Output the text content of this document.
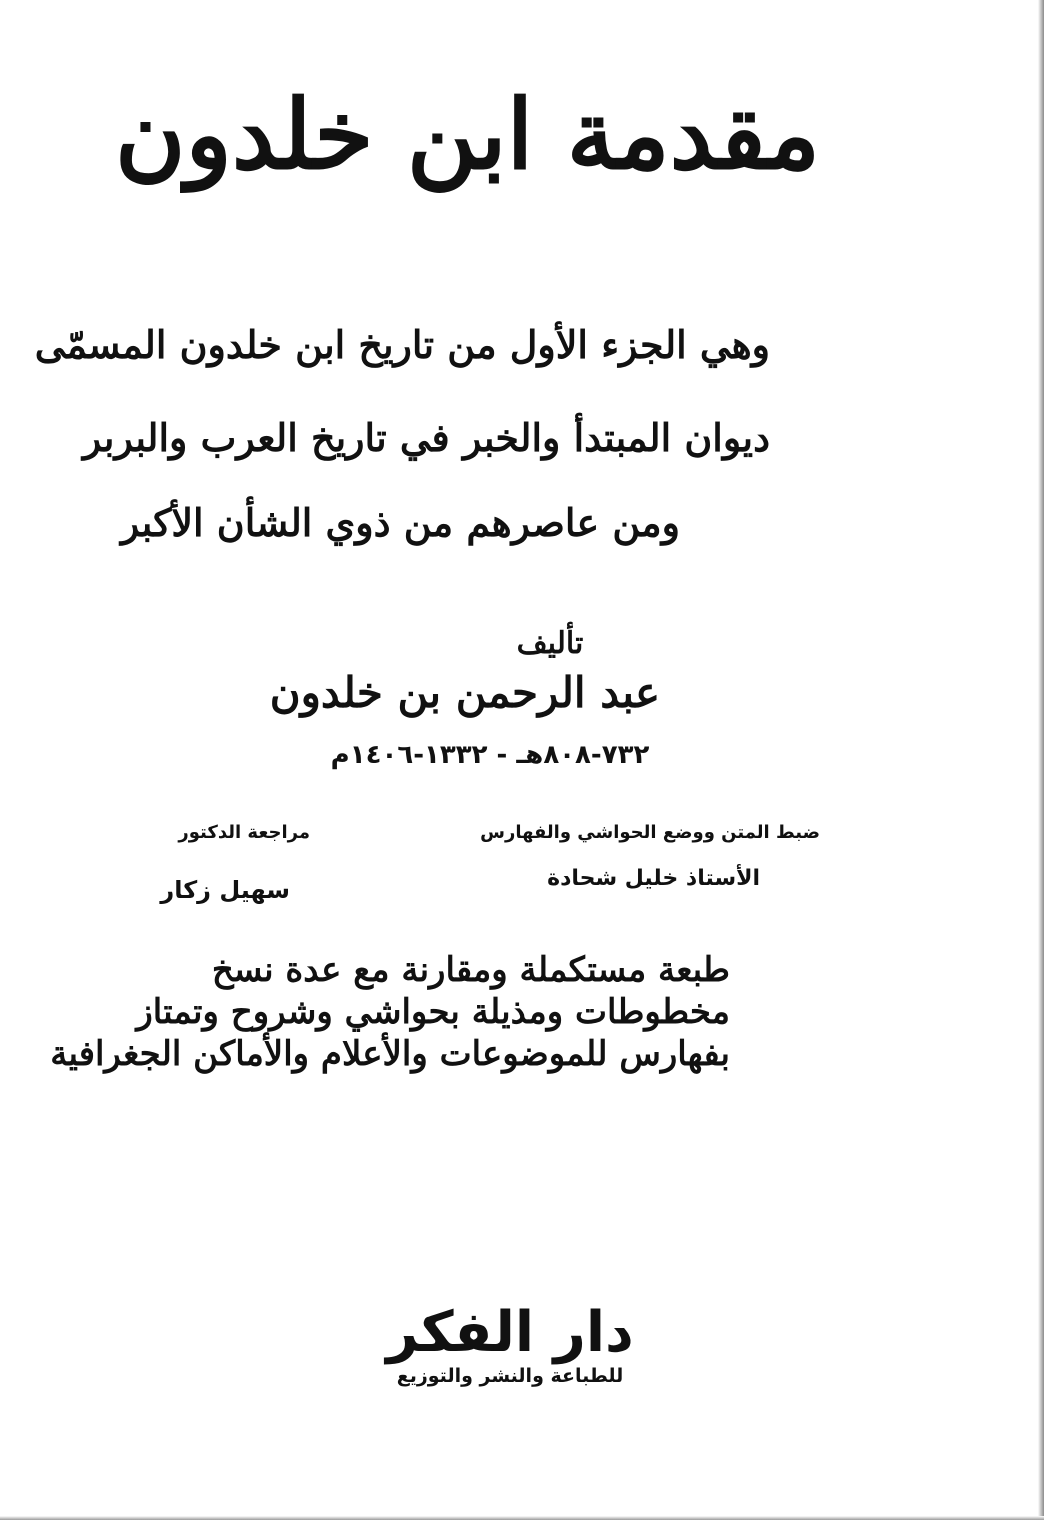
مقدمة ابن خلدون

وهي الجزء الأول من تاريخ ابن خلدون المسمّى

ديوان المبتدأ والخبر في تاريخ العرب والبربر

ومن عاصرهم من ذوي الشأن الأكبر

تأليف

عبد الرحمن بن خلدون

٧٣٢-٨٠٨هـ - ١٣٣٢-١٤٠٦م

ضبط المتن ووضع الحواشي والفهارس

الأستاذ خليل شحادة

مراجعة الدكتور

سهيل زكار

طبعة مستكملة ومقارنة مع عدة نسخ

مخطوطات ومذيلة بحواشي وشروح وتمتاز

بفهارس للموضوعات والأعلام والأماكن الجغرافية

دار الفكر

للطباعة والنشر والتوزيع
